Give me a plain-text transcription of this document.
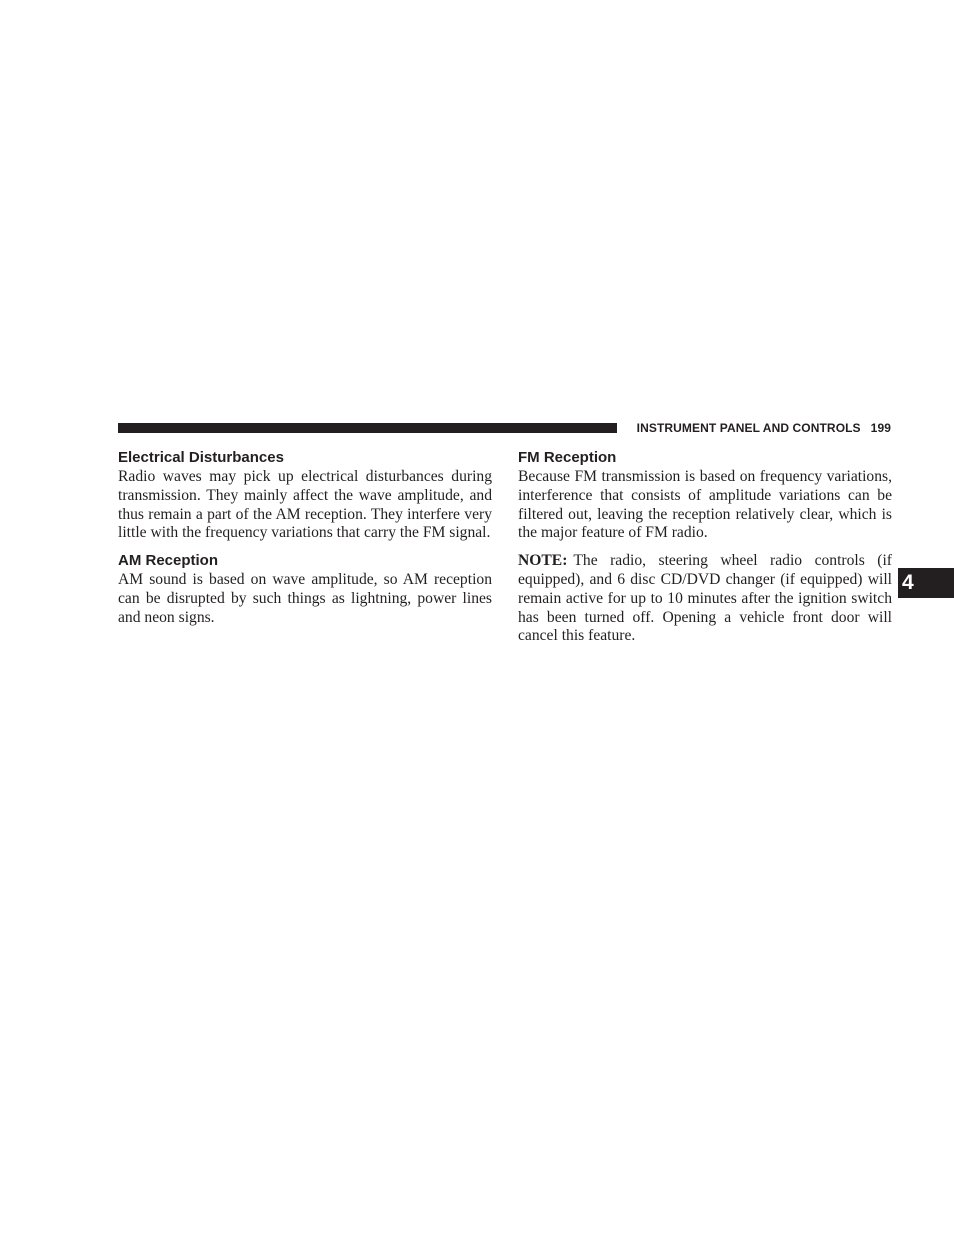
INSTRUMENT PANEL AND CONTROLS 199
Electrical Disturbances

Radio waves may pick up electrical disturbances during transmission. They mainly affect the wave amplitude, and thus remain a part of the AM reception. They interfere very little with the frequency variations that carry the FM signal.

AM Reception

AM sound is based on wave amplitude, so AM reception can be disrupted by such things as lightning, power lines and neon signs.

FM Reception

Because FM transmission is based on frequency variations, interference that consists of amplitude variations can be filtered out, leaving the reception relatively clear, which is the major feature of FM radio.

NOTE: The radio, steering wheel radio controls (if equipped), and 6 disc CD/DVD changer (if equipped) will remain active for up to 10 minutes after the ignition switch has been turned off. Opening a vehicle front door will cancel this feature.

4
